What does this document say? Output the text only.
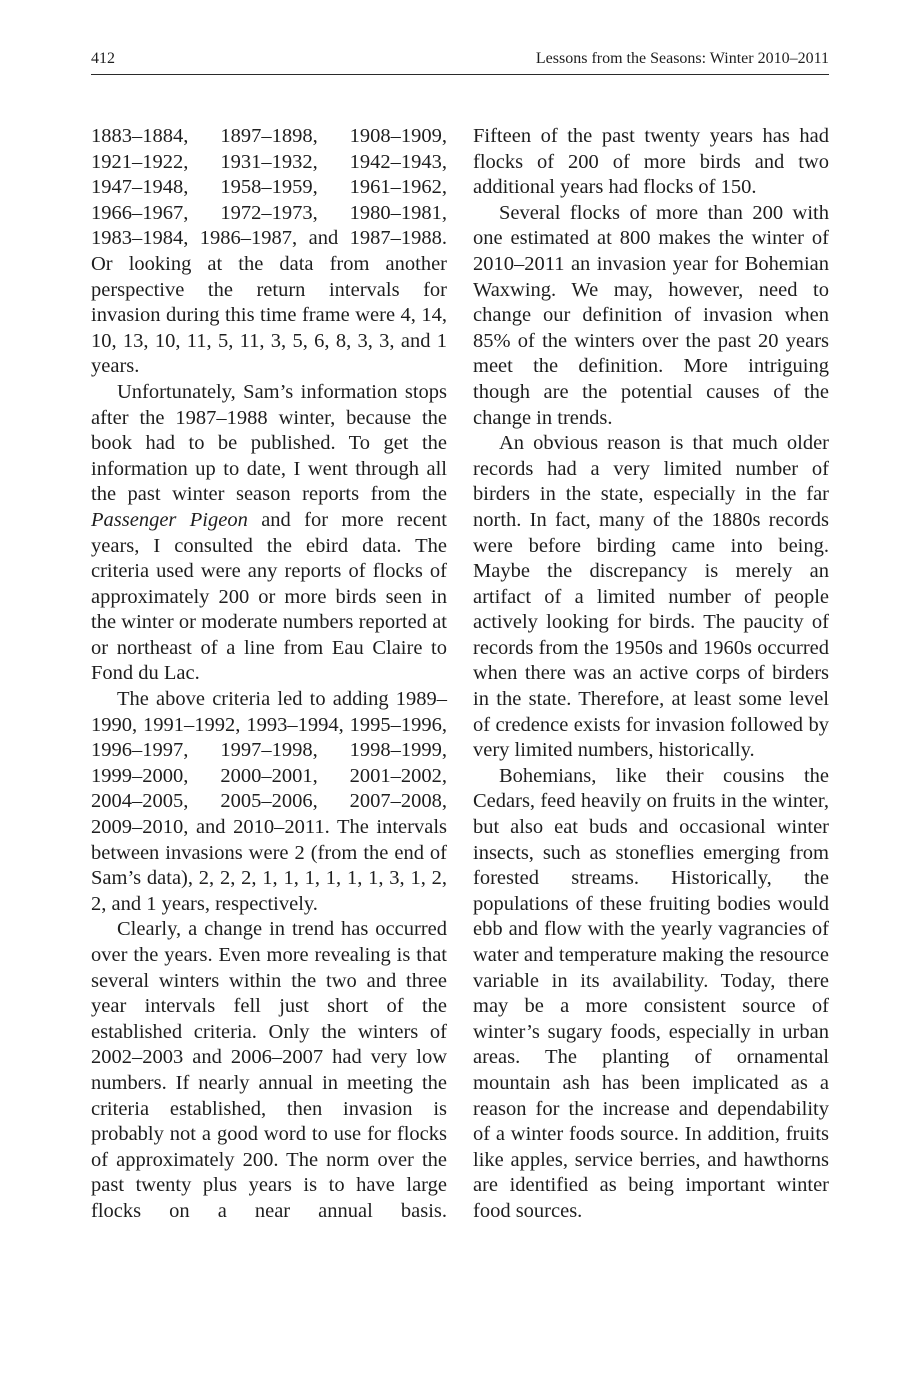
412	Lessons from the Seasons: Winter 2010–2011

1883–1884, 1897–1898, 1908–1909, 1921–1922, 1931–1932, 1942–1943, 1947–1948, 1958–1959, 1961–1962, 1966–1967, 1972–1973, 1980–1981, 1983–1984, 1986–1987, and 1987–1988. Or looking at the data from another perspective the return intervals for invasion during this time frame were 4, 14, 10, 13, 10, 11, 5, 11, 3, 5, 6, 8, 3, 3, and 1 years.

Unfortunately, Sam’s information stops after the 1987–1988 winter, because the book had to be published. To get the information up to date, I went through all the past winter season reports from the Passenger Pigeon and for more recent years, I consulted the ebird data. The criteria used were any reports of flocks of approximately 200 or more birds seen in the winter or moderate numbers reported at or northeast of a line from Eau Claire to Fond du Lac.

The above criteria led to adding 1989–1990, 1991–1992, 1993–1994, 1995–1996, 1996–1997, 1997–1998, 1998–1999, 1999–2000, 2000–2001, 2001–2002, 2004–2005, 2005–2006, 2007–2008, 2009–2010, and 2010–2011. The intervals between invasions were 2 (from the end of Sam’s data), 2, 2, 2, 1, 1, 1, 1, 1, 1, 3, 1, 2, 2, and 1 years, respectively.

Clearly, a change in trend has occurred over the years. Even more revealing is that several winters within the two and three year intervals fell just short of the established criteria. Only the winters of 2002–2003 and 2006–2007 had very low numbers. If nearly annual in meeting the criteria established, then invasion is probably not a good word to use for flocks of approximately 200. The norm over the past twenty plus years is to have large flocks on a near annual basis.

Fifteen of the past twenty years has had flocks of 200 of more birds and two additional years had flocks of 150.

Several flocks of more than 200 with one estimated at 800 makes the winter of 2010–2011 an invasion year for Bohemian Waxwing. We may, however, need to change our definition of invasion when 85% of the winters over the past 20 years meet the definition. More intriguing though are the potential causes of the change in trends.

An obvious reason is that much older records had a very limited number of birders in the state, especially in the far north. In fact, many of the 1880s records were before birding came into being. Maybe the discrepancy is merely an artifact of a limited number of people actively looking for birds. The paucity of records from the 1950s and 1960s occurred when there was an active corps of birders in the state. Therefore, at least some level of credence exists for invasion followed by very limited numbers, historically.

Bohemians, like their cousins the Cedars, feed heavily on fruits in the winter, but also eat buds and occasional winter insects, such as stoneflies emerging from forested streams. Historically, the populations of these fruiting bodies would ebb and flow with the yearly vagrancies of water and temperature making the resource variable in its availability. Today, there may be a more consistent source of winter’s sugary foods, especially in urban areas. The planting of ornamental mountain ash has been implicated as a reason for the increase and dependability of a winter foods source. In addition, fruits like apples, service berries, and hawthorns are identified as being important winter food sources.
